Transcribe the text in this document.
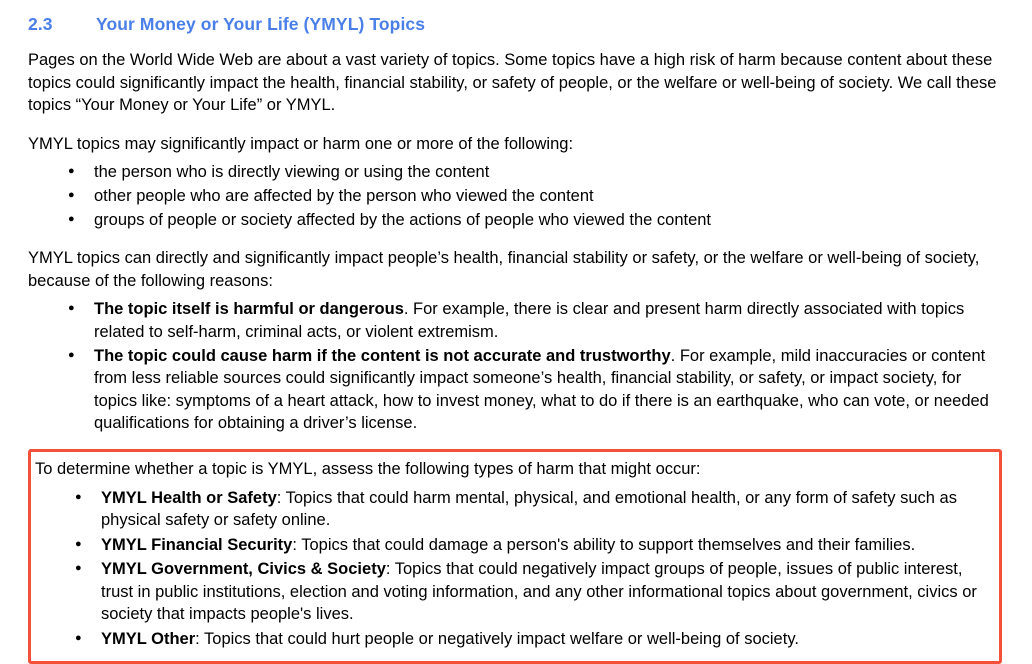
2.3	Your Money or Your Life (YMYL) Topics

Pages on the World Wide Web are about a vast variety of topics. Some topics have a high risk of harm because content about these topics could significantly impact the health, financial stability, or safety of people, or the welfare or well-being of society. We call these topics “Your Money or Your Life” or YMYL.

YMYL topics may significantly impact or harm one or more of the following:

● the person who is directly viewing or using the content
● other people who are affected by the person who viewed the content
● groups of people or society affected by the actions of people who viewed the content

YMYL topics can directly and significantly impact people’s health, financial stability or safety, or the welfare or well-being of society, because of the following reasons:

● The topic itself is harmful or dangerous. For example, there is clear and present harm directly associated with topics related to self-harm, criminal acts, or violent extremism.
● The topic could cause harm if the content is not accurate and trustworthy. For example, mild inaccuracies or content from less reliable sources could significantly impact someone’s health, financial stability, or safety, or impact society, for topics like: symptoms of a heart attack, how to invest money, what to do if there is an earthquake, who can vote, or needed qualifications for obtaining a driver’s license.

To determine whether a topic is YMYL, assess the following types of harm that might occur:

● YMYL Health or Safety: Topics that could harm mental, physical, and emotional health, or any form of safety such as physical safety or safety online.
● YMYL Financial Security: Topics that could damage a person's ability to support themselves and their families.
● YMYL Government, Civics & Society: Topics that could negatively impact groups of people, issues of public interest, trust in public institutions, election and voting information, and any other informational topics about government, civics or society that impacts people's lives.
● YMYL Other: Topics that could hurt people or negatively impact welfare or well-being of society.
